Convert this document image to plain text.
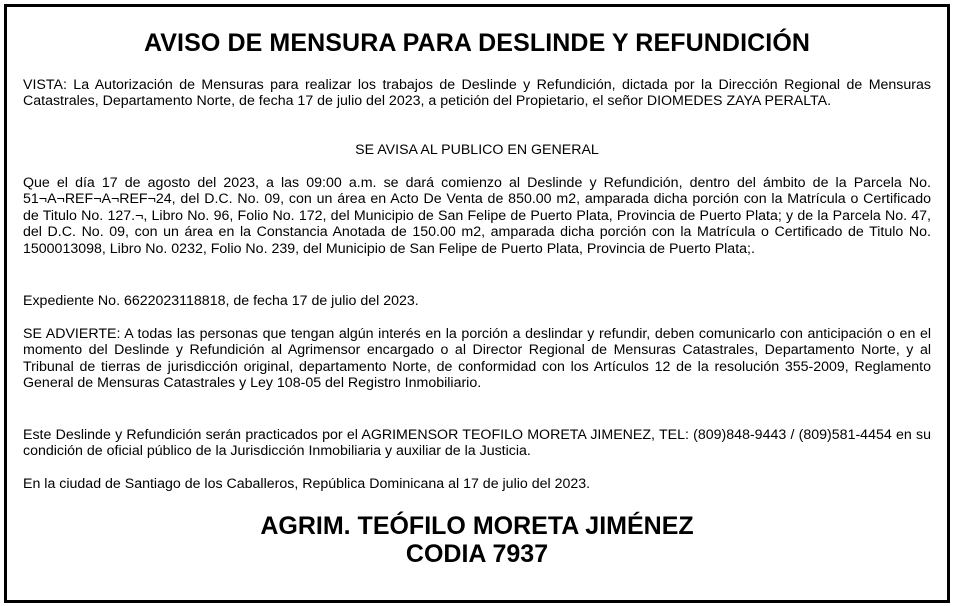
AVISO DE MENSURA PARA DESLINDE Y REFUNDICIÓN
VISTA: La Autorización de Mensuras para realizar los trabajos de Deslinde y Refundición, dictada por la Dirección Regional de Mensuras Catastrales, Departamento Norte, de fecha 17 de julio del 2023, a petición del Propietario, el señor DIOMEDES ZAYA PERALTA.
SE AVISA AL PUBLICO EN GENERAL
Que el día 17 de agosto del 2023, a las 09:00 a.m. se dará comienzo al Deslinde y Refundición, dentro del ámbito de la Parcela No. 51¬A¬REF¬A¬REF¬24, del D.C. No. 09, con un área en Acto De Venta de 850.00 m2, amparada dicha porción con la Matrícula o Certificado de Titulo No. 127.¬, Libro No. 96, Folio No. 172, del Municipio de San Felipe de Puerto Plata, Provincia de Puerto Plata; y de la Parcela No. 47, del D.C. No. 09, con un área en la Constancia Anotada de 150.00 m2, amparada dicha porción con la Matrícula o Certificado de Titulo No. 1500013098, Libro No. 0232, Folio No. 239, del Municipio de San Felipe de Puerto Plata, Provincia de Puerto Plata;.
Expediente No. 6622023118818, de fecha 17 de julio del 2023.
SE ADVIERTE: A todas las personas que tengan algún interés en la porción a deslindar y refundir, deben comunicarlo con anticipación o en el momento del Deslinde y Refundición al Agrimensor encargado o al Director Regional de Mensuras Catastrales, Departamento Norte, y al Tribunal de tierras de jurisdicción original, departamento Norte, de conformidad con los Artículos 12 de la resolución 355-2009, Reglamento General de Mensuras Catastrales y Ley 108-05 del Registro Inmobiliario.
Este Deslinde y Refundición serán practicados por el AGRIMENSOR TEOFILO MORETA JIMENEZ, TEL: (809)848-9443 / (809)581-4454 en su condición de oficial público de la Jurisdicción Inmobiliaria y auxiliar de la Justicia.
En la ciudad de Santiago de los Caballeros, República Dominicana al 17 de julio del 2023.
AGRIM. TEÓFILO MORETA JIMÉNEZ
CODIA 7937
